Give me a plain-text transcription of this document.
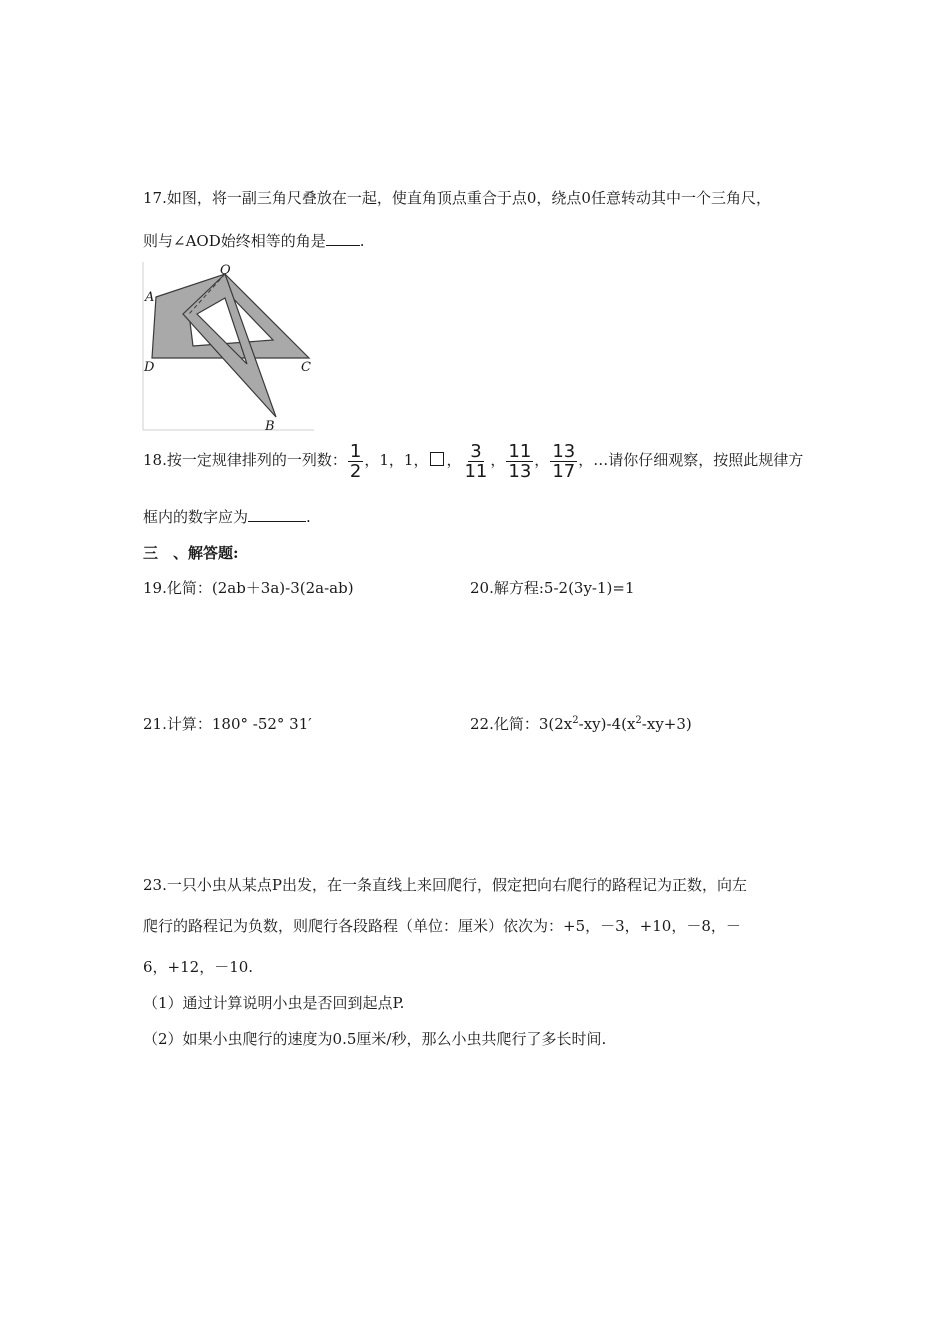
17.如图，将一副三角尺叠放在一起，使直角顶点重合于点0，绕点0任意转动其中一个三角尺，
则与∠AOD始终相等的角是 .
O
A
D	C
B
18.按一定规律排列的一列数： $\frac{1}{2}$ ，1，1， ， $\frac{3}{11}$ ， $\frac{11}{13}$ ， $\frac{13}{17}$ ，…请你仔细观察，按照此规律方
框内的数字应为	.
三　、解答题:
19.化简：(2ab＋3a)-3(2a-ab)	20.解方程:5-2(3y-1)=1
21.计算：180° -52° 31′	22.化简：$3(2x^2-xy)-4(x^2-xy+3)$
23.一只小虫从某点P出发，在一条直线上来回爬行，假定把向右爬行的路程记为正数，向左
爬行的路程记为负数，则爬行各段路程（单位：厘米）依次为：+5，－3，+10，－8，－
6，+12，－10.
（1）通过计算说明小虫是否回到起点P.
（2）如果小虫爬行的速度为0.5厘米/秒，那么小虫共爬行了多长时间.
